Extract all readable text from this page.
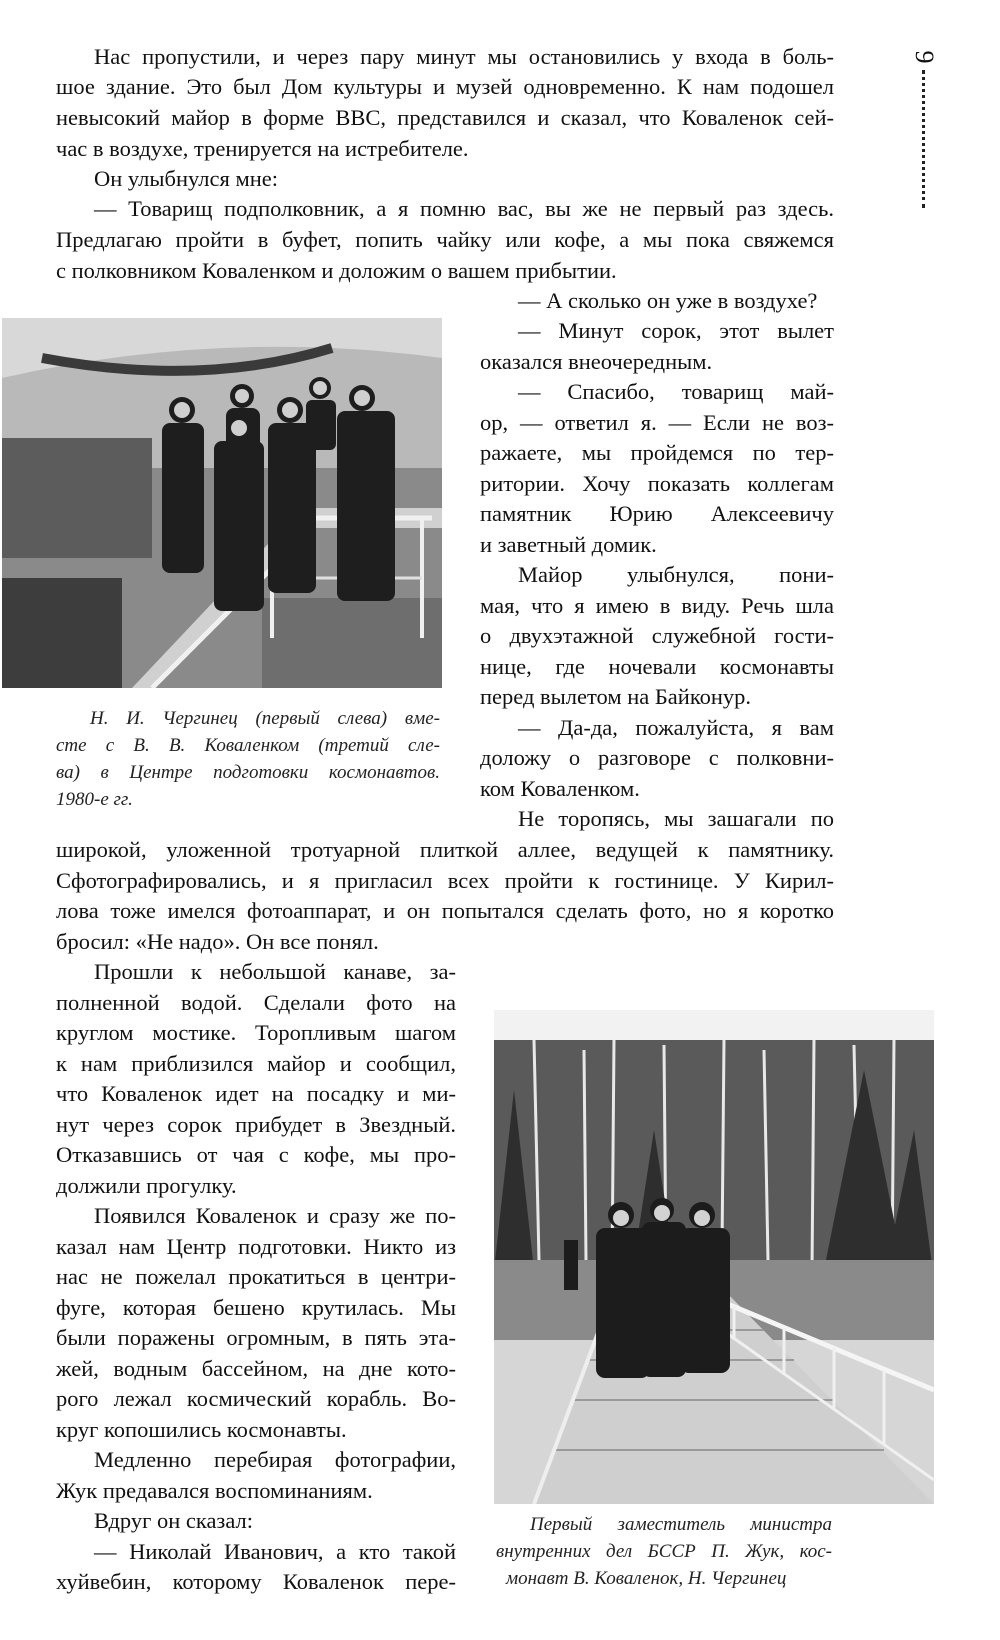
9

Нас пропустили, и через пару минут мы остановились у входа в боль-

шое здание. Это был Дом культуры и музей одновременно. К нам подошел

невысокий майор в форме ВВС, представился и сказал, что Коваленок сей-

час в воздухе, тренируется на истребителе.

Он улыбнулся мне:

— Товарищ подполковник, а я помню вас, вы же не первый раз здесь.

Предлагаю пройти в буфет, попить чайку или кофе, а мы пока свяжемся

с полковником Коваленком и доложим о вашем прибытии.

Н. И. Чергинец (первый слева) вме-

сте с В. В. Коваленком (третий сле-

ва) в Центре подготовки космонавтов.

1980-е гг.

— А сколько он уже в воздухе?

— Минут сорок, этот вылет

оказался внеочередным.

— Спасибо, товарищ май-

ор, — ответил я. — Если не воз-

ражаете, мы пройдемся по тер-

ритории. Хочу показать коллегам

памятник Юрию Алексеевичу

и заветный домик.

Майор улыбнулся, пони-

мая, что я имею в виду. Речь шла

о двухэтажной служебной гости-

нице, где ночевали космонавты

перед вылетом на Байконур.

— Да-да, пожалуйста, я вам

доложу о разговоре с полковни-

ком Коваленком.

Не торопясь, мы зашагали по

широкой, уложенной тротуарной плиткой аллее, ведущей к памятнику.

Сфотографировались, и я пригласил всех пройти к гостинице. У Кирил-

лова тоже имелся фотоаппарат, и он попытался сделать фото, но я коротко

бросил: «Не надо». Он все понял.

Прошли к небольшой канаве, за-

полненной водой. Сделали фото на

круглом мостике. Торопливым шагом

к нам приблизился майор и сообщил,

что Коваленок идет на посадку и ми-

нут через сорок прибудет в Звездный.

Отказавшись от чая с кофе, мы про-

должили прогулку.

Появился Коваленок и сразу же по-

казал нам Центр подготовки. Никто из

нас не пожелал прокатиться в центри-

фуге, которая бешено крутилась. Мы

были поражены огромным, в пять эта-

жей, водным бассейном, на дне кото-

рого лежал космический корабль. Во-

круг копошились космонавты.

Медленно перебирая фотографии,

Жук предавался воспоминаниям.

Вдруг он сказал:

— Николай Иванович, а кто такой

хуйвебин, которому Коваленок пере-

Первый заместитель министра

внутренних дел БССР П. Жук, кос-

монавт В. Коваленок, Н. Чергинец
